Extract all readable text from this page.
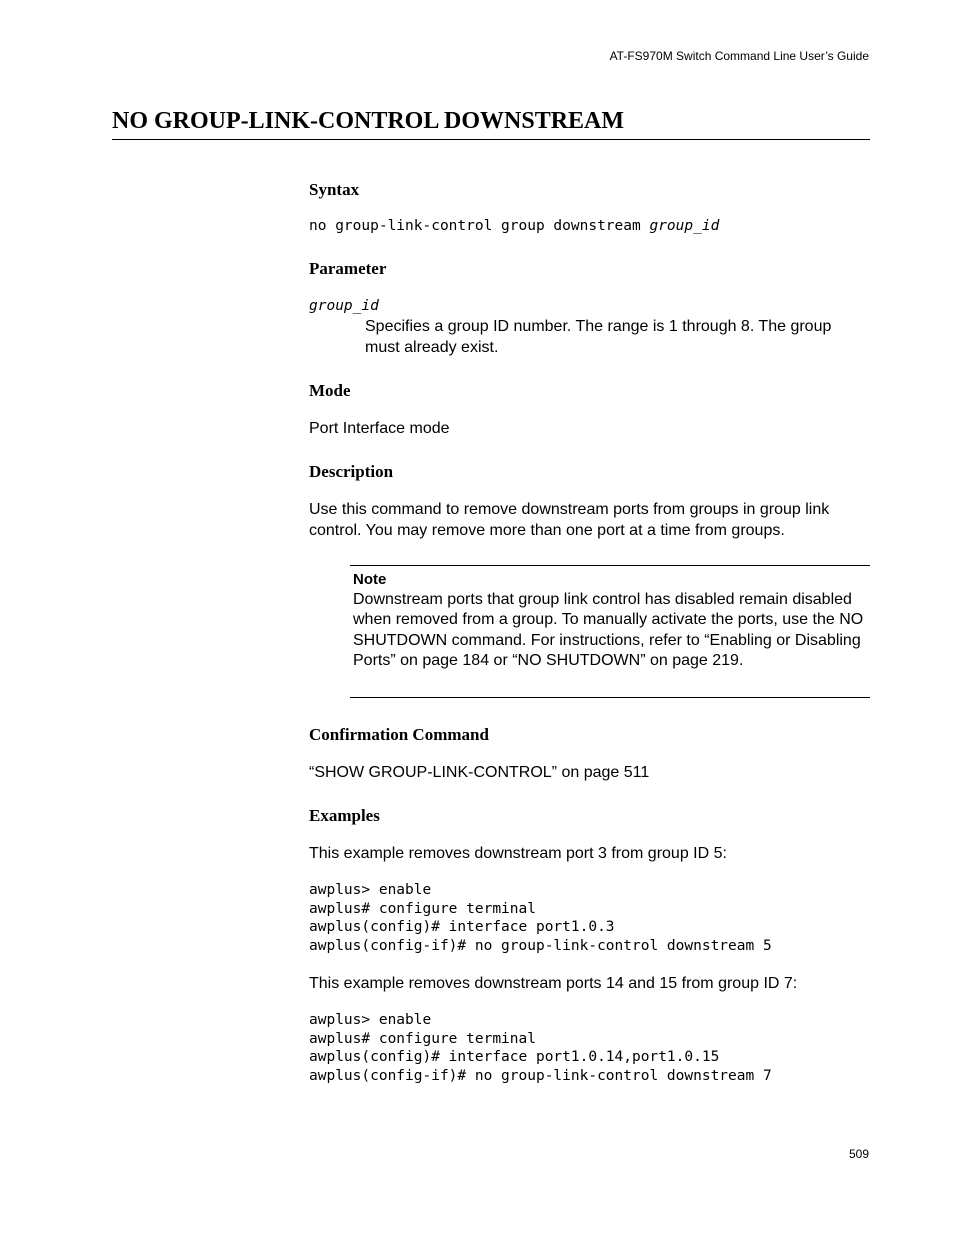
AT-FS970M Switch Command Line User’s Guide
NO GROUP-LINK-CONTROL DOWNSTREAM
Syntax
no group-link-control group downstream group_id
Parameter
group_id
Specifies a group ID number. The range is 1 through 8. The group must already exist.
Mode
Port Interface mode
Description
Use this command to remove downstream ports from groups in group link control. You may remove more than one port at a time from groups.
Note
Downstream ports that group link control has disabled remain disabled when removed from a group. To manually activate the ports, use the NO SHUTDOWN command. For instructions, refer to “Enabling or Disabling Ports” on page 184 or “NO SHUTDOWN” on page 219.
Confirmation Command
“SHOW GROUP-LINK-CONTROL” on page 511
Examples
This example removes downstream port 3 from group ID 5:
awplus> enable
awplus# configure terminal
awplus(config)# interface port1.0.3
awplus(config-if)# no group-link-control downstream 5
This example removes downstream ports 14 and 15 from group ID 7:
awplus> enable
awplus# configure terminal
awplus(config)# interface port1.0.14,port1.0.15
awplus(config-if)# no group-link-control downstream 7
509
